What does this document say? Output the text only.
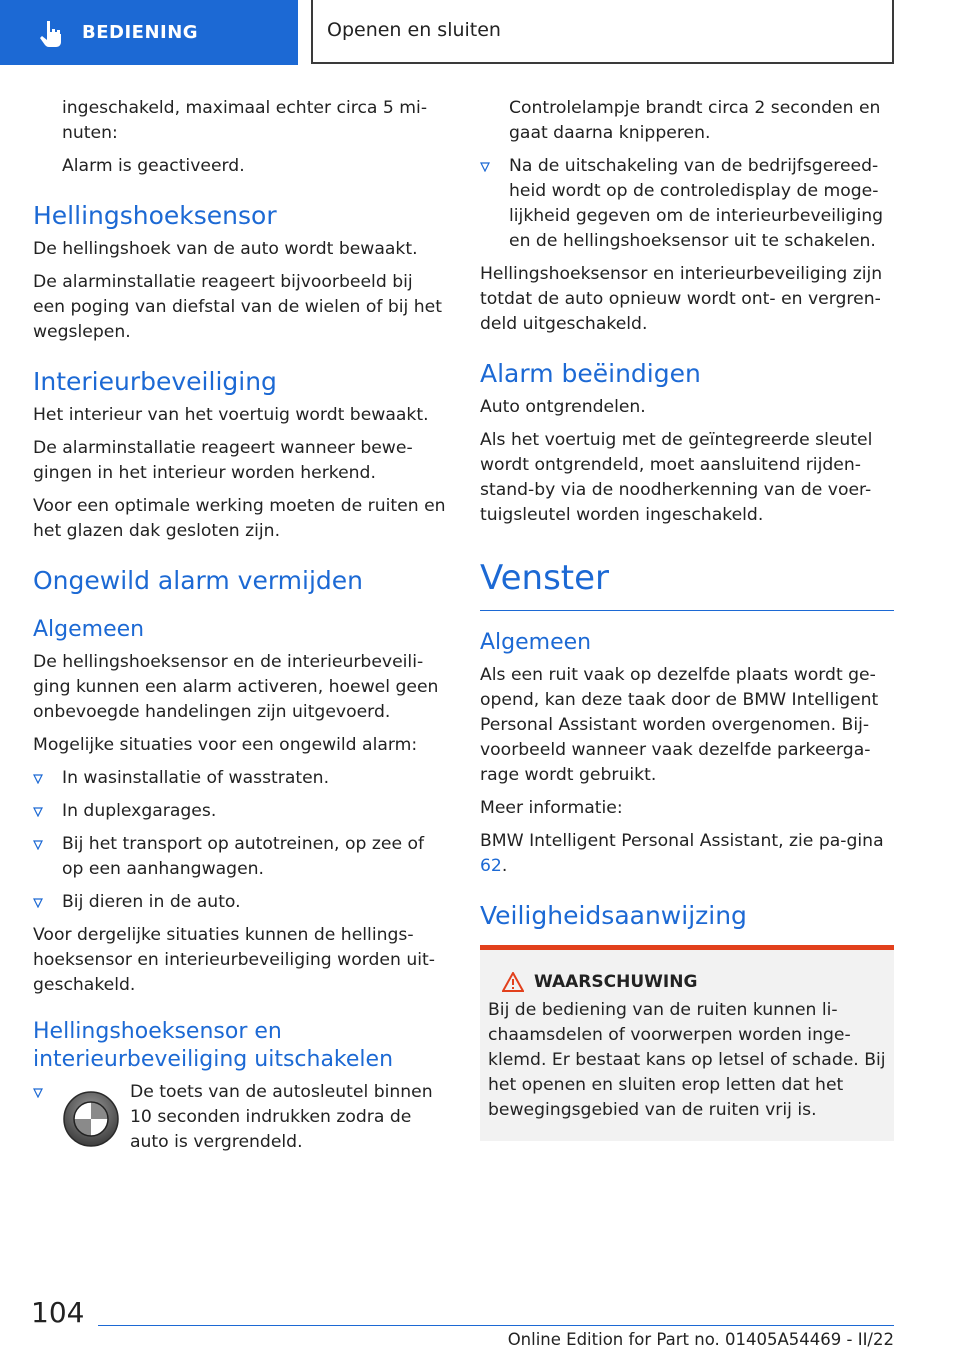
BEDIENING	Openen en sluiten

ingeschakeld, maximaal echter circa 5 mi-nuten:

Alarm is geactiveerd.

Hellingshoeksensor

De hellingshoek van de auto wordt bewaakt.

De alarminstallatie reageert bijvoorbeeld bij een poging van diefstal van de wielen of bij het wegslepen.

Interieurbeveiliging

Het interieur van het voertuig wordt bewaakt.

De alarminstallatie reageert wanneer bewe-gingen in het interieur worden herkend.

Voor een optimale werking moeten de ruiten en het glazen dak gesloten zijn.

Ongewild alarm vermijden
Algemeen

De hellingshoeksensor en de interieurbeveili-ging kunnen een alarm activeren, hoewel geen onbevoegde handelingen zijn uitgevoerd.

Mogelijke situaties voor een ongewild alarm:

In wasinstallatie of wasstraten.
In duplexgarages.
Bij het transport op autotreinen, op zee of op een aanhangwagen.
Bij dieren in de auto.

Voor dergelijke situaties kunnen de hellings-hoeksensor en interieurbeveiliging worden uit-geschakeld.

Hellingshoeksensor en interieurbeveiliging uitschakelen
De toets van de autosleutel binnen 10 seconden indrukken zodra de auto is vergrendeld.

Controlelampje brandt circa 2 seconden en gaat daarna knipperen.

Na de uitschakeling van de bedrijfsgereed-heid wordt op de controledisplay de moge-lijkheid gegeven om de interieurbeveiliging en de hellingshoeksensor uit te schakelen.

Hellingshoeksensor en interieurbeveiliging zijn totdat de auto opnieuw wordt ont- en vergren-deld uitgeschakeld.

Alarm beëindigen

Auto ontgrendelen.

Als het voertuig met de geïntegreerde sleutel wordt ontgrendeld, moet aansluitend rijden-stand-by via de noodherkenning van de voer-tuigsleutel worden ingeschakeld.

Venster
Algemeen

Als een ruit vaak op dezelfde plaats wordt ge-opend, kan deze taak door de BMW Intelligent Personal Assistant worden overgenomen. Bij-voorbeeld wanneer vaak dezelfde parkeerga-rage wordt gebruikt.

Meer informatie:

BMW Intelligent Personal Assistant, zie pa-gina 62.

Veiligheidsaanwijzing
WAARSCHUWING

Bij de bediening van de ruiten kunnen li-chaamsdelen of voorwerpen worden inge-klemd. Er bestaat kans op letsel of schade. Bij het openen en sluiten erop letten dat het bewegingsgebied van de ruiten vrij is.

104
Online Edition for Part no. 01405A54469 - II/22
